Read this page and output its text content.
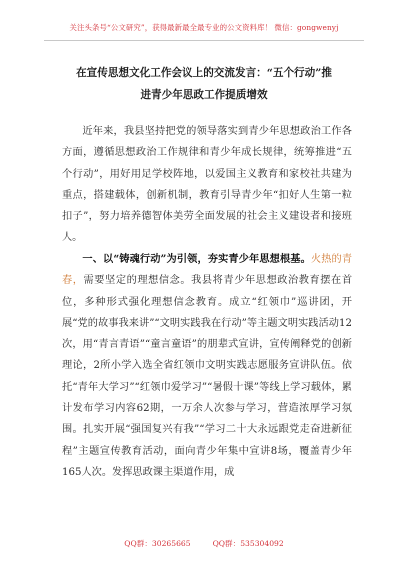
关注头条号“公文研究”，获得最新最全最专业的公文资料库！ 微信：gongwenyj
在宣传思想文化工作会议上的交流发言：“五个行动”推
进青少年思政工作提质增效

近年来，我县坚持把党的领导落实到青少年思想政治工作各方面，遵循思想政治工作规律和青少年成长规律，统筹推进“五个行动”，用好用足学校阵地，以爱国主义教育和家校社共建为重点，搭建载体，创新机制，教育引导青少年“扣好人生第一粒扣子”，努力培养德智体美劳全面发展的社会主义建设者和接班人。

一、以“铸魂行动”为引领，夯实青少年思想根基。火热的青春，需要坚定的理想信念。我县将青少年思想政治教育摆在首位，多种形式强化理想信念教育。成立“红领巾”巡讲团，开展“党的故事我来讲”“文明实践我在行动”等主题文明实践活动12次，用“青言青语”“童言童语”的朋辈式宣讲，宣传阐释党的创新理论，2所小学入选全省红领巾文明实践志愿服务宣讲队伍。依托“青年大学习”“红领巾爱学习”“暑假十课”等线上学习载体，累计发布学习内容62期，一万余人次参与学习，营造浓厚学习氛围。扎实开展“强国复兴有我”“学习二十大永远跟党走奋进新征程”主题宣传教育活动，面向青少年集中宣讲8场，覆盖青少年165人次。发挥思政课主渠道作用，成

QQ群：30265665	QQ群：535304092
